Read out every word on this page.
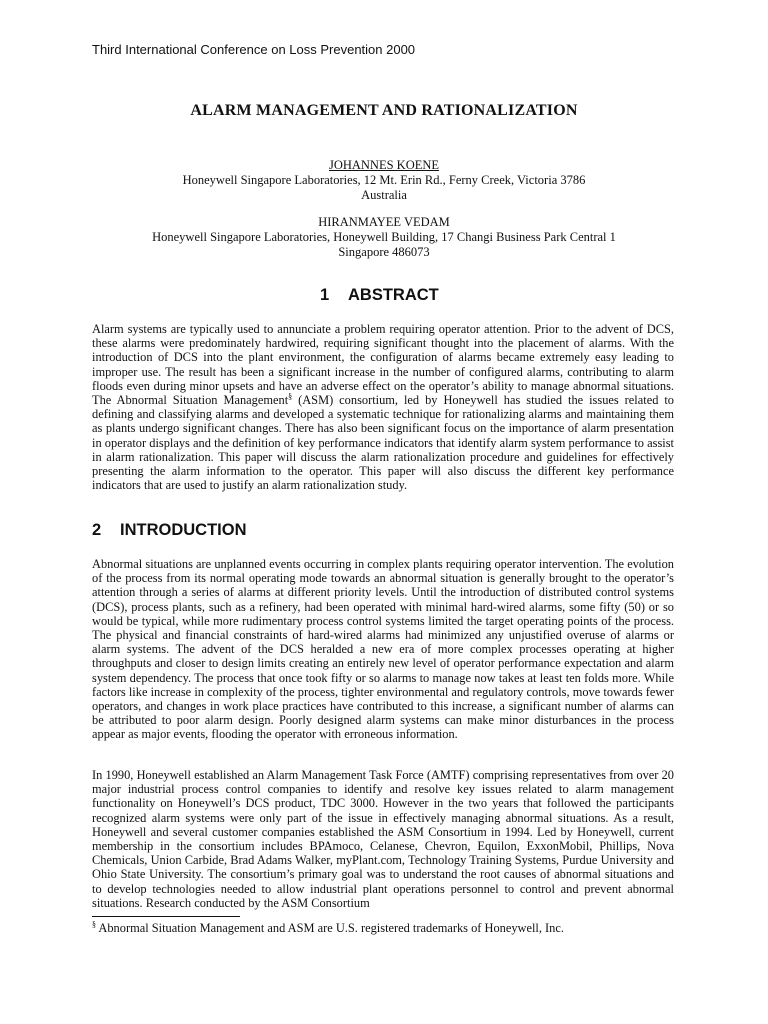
Third International Conference on Loss Prevention 2000
ALARM MANAGEMENT AND RATIONALIZATION
JOHANNES KOENE
Honeywell Singapore Laboratories, 12 Mt. Erin Rd., Ferny Creek, Victoria 3786
Australia
HIRANMAYEE VEDAM
Honeywell Singapore Laboratories, Honeywell Building, 17 Changi Business Park Central 1
Singapore 486073
1 ABSTRACT
Alarm systems are typically used to annunciate a problem requiring operator attention. Prior to the advent of DCS, these alarms were predominately hardwired, requiring significant thought into the placement of alarms. With the introduction of DCS into the plant environment, the configuration of alarms became extremely easy leading to improper use. The result has been a significant increase in the number of configured alarms, contributing to alarm floods even during minor upsets and have an adverse effect on the operator’s ability to manage abnormal situations. The Abnormal Situation Management§ (ASM) consortium, led by Honeywell has studied the issues related to defining and classifying alarms and developed a systematic technique for rationalizing alarms and maintaining them as plants undergo significant changes. There has also been significant focus on the importance of alarm presentation in operator displays and the definition of key performance indicators that identify alarm system performance to assist in alarm rationalization. This paper will discuss the alarm rationalization procedure and guidelines for effectively presenting the alarm information to the operator. This paper will also discuss the different key performance indicators that are used to justify an alarm rationalization study.
2 INTRODUCTION
Abnormal situations are unplanned events occurring in complex plants requiring operator intervention. The evolution of the process from its normal operating mode towards an abnormal situation is generally brought to the operator’s attention through a series of alarms at different priority levels. Until the introduction of distributed control systems (DCS), process plants, such as a refinery, had been operated with minimal hard-wired alarms, some fifty (50) or so would be typical, while more rudimentary process control systems limited the target operating points of the process. The physical and financial constraints of hard-wired alarms had minimized any unjustified overuse of alarms or alarm systems. The advent of the DCS heralded a new era of more complex processes operating at higher throughputs and closer to design limits creating an entirely new level of operator performance expectation and alarm system dependency. The process that once took fifty or so alarms to manage now takes at least ten folds more. While factors like increase in complexity of the process, tighter environmental and regulatory controls, move towards fewer operators, and changes in work place practices have contributed to this increase, a significant number of alarms can be attributed to poor alarm design. Poorly designed alarm systems can make minor disturbances in the process appear as major events, flooding the operator with erroneous information.
In 1990, Honeywell established an Alarm Management Task Force (AMTF) comprising representatives from over 20 major industrial process control companies to identify and resolve key issues related to alarm management functionality on Honeywell’s DCS product, TDC 3000. However in the two years that followed the participants recognized alarm systems were only part of the issue in effectively managing abnormal situations. As a result, Honeywell and several customer companies established the ASM Consortium in 1994. Led by Honeywell, current membership in the consortium includes BPAmoco, Celanese, Chevron, Equilon, ExxonMobil, Phillips, Nova Chemicals, Union Carbide, Brad Adams Walker, myPlant.com, Technology Training Systems, Purdue University and Ohio State University. The consortium’s primary goal was to understand the root causes of abnormal situations and to develop technologies needed to allow industrial plant operations personnel to control and prevent abnormal situations. Research conducted by the ASM Consortium
§ Abnormal Situation Management and ASM are U.S. registered trademarks of Honeywell, Inc.
